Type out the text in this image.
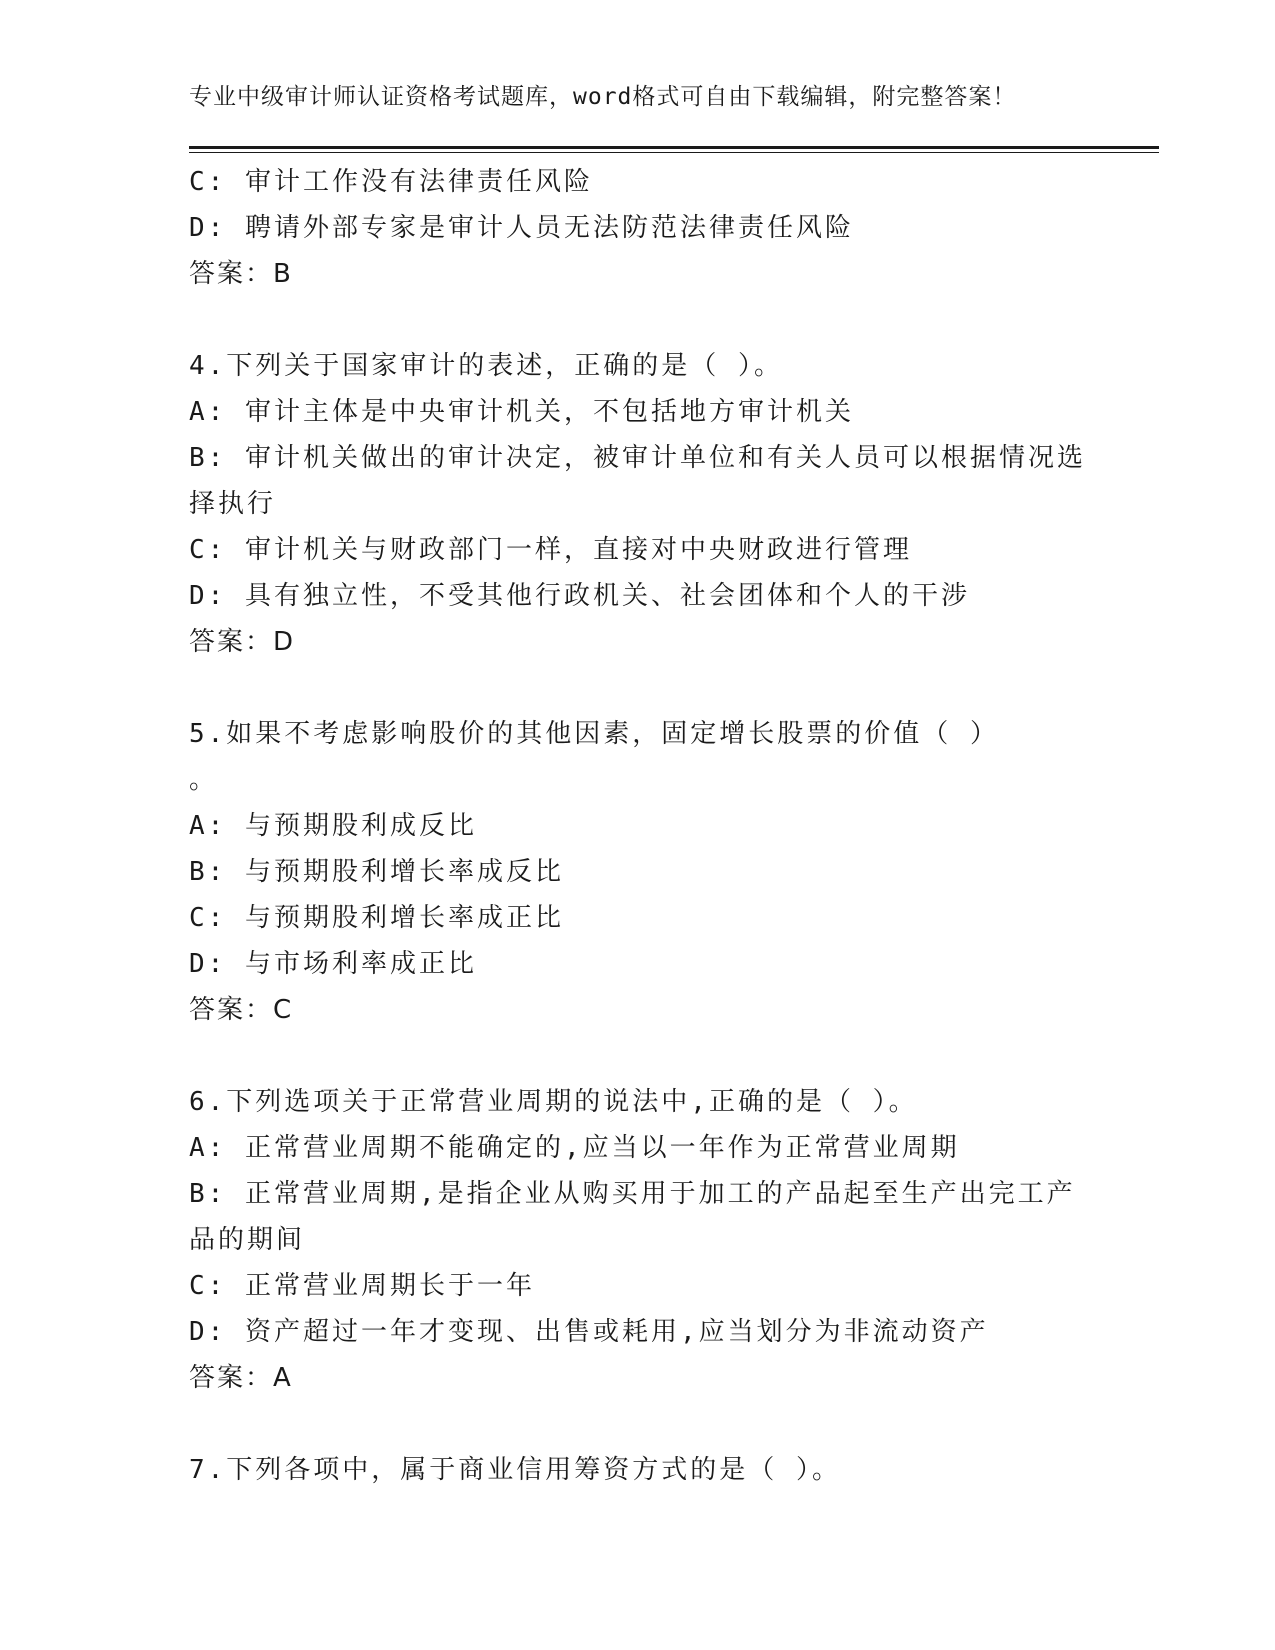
专业中级审计师认证资格考试题库，word格式可自由下载编辑，附完整答案！
C: 审计工作没有法律责任风险
D: 聘请外部专家是审计人员无法防范法律责任风险
答案：B
4.下列关于国家审计的表述，正确的是（ ）。
A: 审计主体是中央审计机关，不包括地方审计机关
B: 审计机关做出的审计决定，被审计单位和有关人员可以根据情况选
择执行
C: 审计机关与财政部门一样，直接对中央财政进行管理
D: 具有独立性，不受其他行政机关、社会团体和个人的干涉
答案：D
5.如果不考虑影响股价的其他因素，固定增长股票的价值（ ）
。
A: 与预期股利成反比
B: 与预期股利增长率成反比
C: 与预期股利增长率成正比
D: 与市场利率成正比
答案：C
6.下列选项关于正常营业周期的说法中,正确的是（ ）。
A: 正常营业周期不能确定的,应当以一年作为正常营业周期
B: 正常营业周期,是指企业从购买用于加工的产品起至生产出完工产
品的期间
C: 正常营业周期长于一年
D: 资产超过一年才变现、出售或耗用,应当划分为非流动资产
答案：A
7.下列各项中，属于商业信用筹资方式的是（ ）。
